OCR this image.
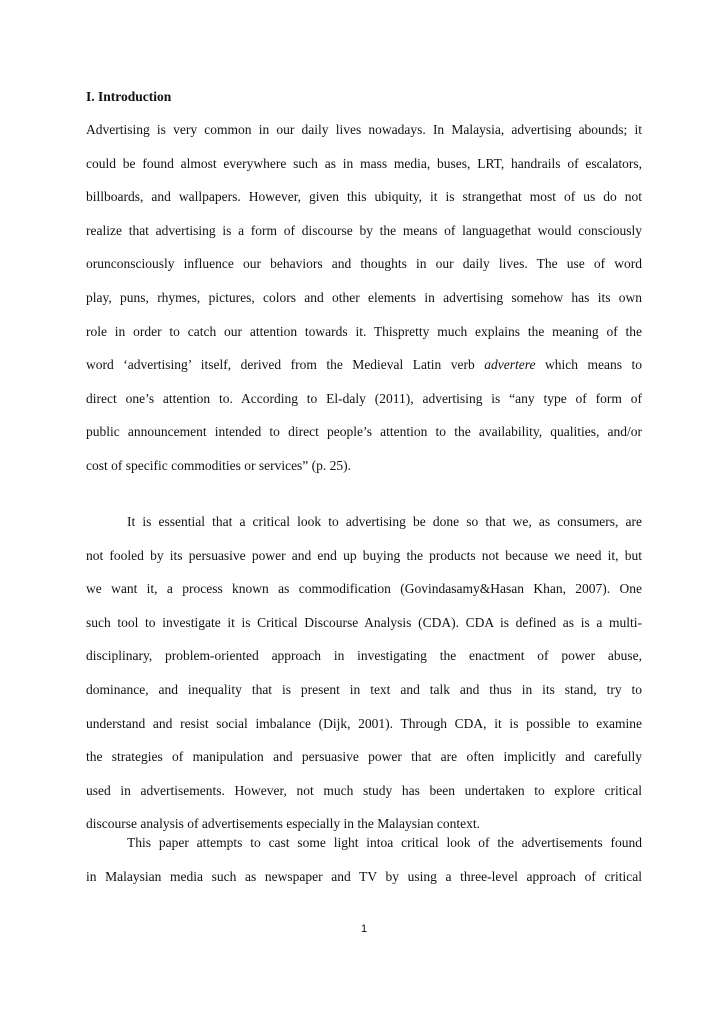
I. Introduction
Advertising is very common in our daily lives nowadays. In Malaysia, advertising abounds; it
could be found almost everywhere such as in mass media, buses, LRT, handrails of escalators,
billboards, and wallpapers. However, given this ubiquity, it is strangethat most of us do not
realize that advertising is a form of discourse by the means of languagethat would consciously
orunconsciously influence our behaviors and thoughts in our daily lives. The use of word
play, puns, rhymes, pictures, colors and other elements in advertising somehow has its own
role in order to catch our attention towards it. Thispretty much explains the meaning of the
word ‘advertising’ itself, derived from the Medieval Latin verb advertere which means to
direct one’s attention to. According to El-daly (2011), advertising is “any type of form of
public announcement intended to direct people’s attention to the availability, qualities, and/or
cost of specific commodities or services” (p. 25).
It is essential that a critical look to advertising be done so that we, as consumers, are
not fooled by its persuasive power and end up buying the products not because we need it, but
we want it, a process known as commodification (Govindasamy&Hasan Khan, 2007). One
such tool to investigate it is Critical Discourse Analysis (CDA). CDA is defined as is a multi-
disciplinary, problem-oriented approach in investigating the enactment of power abuse,
dominance, and inequality that is present in text and talk and thus in its stand, try to
understand and resist social imbalance (Dijk, 2001). Through CDA, it is possible to examine
the strategies of manipulation and persuasive power that are often implicitly and carefully
used in advertisements. However, not much study has been undertaken to explore critical
discourse analysis of advertisements especially in the Malaysian context.
This paper attempts to cast some light intoa critical look of the advertisements found
in Malaysian media such as newspaper and TV by using a three-level approach of critical
1
